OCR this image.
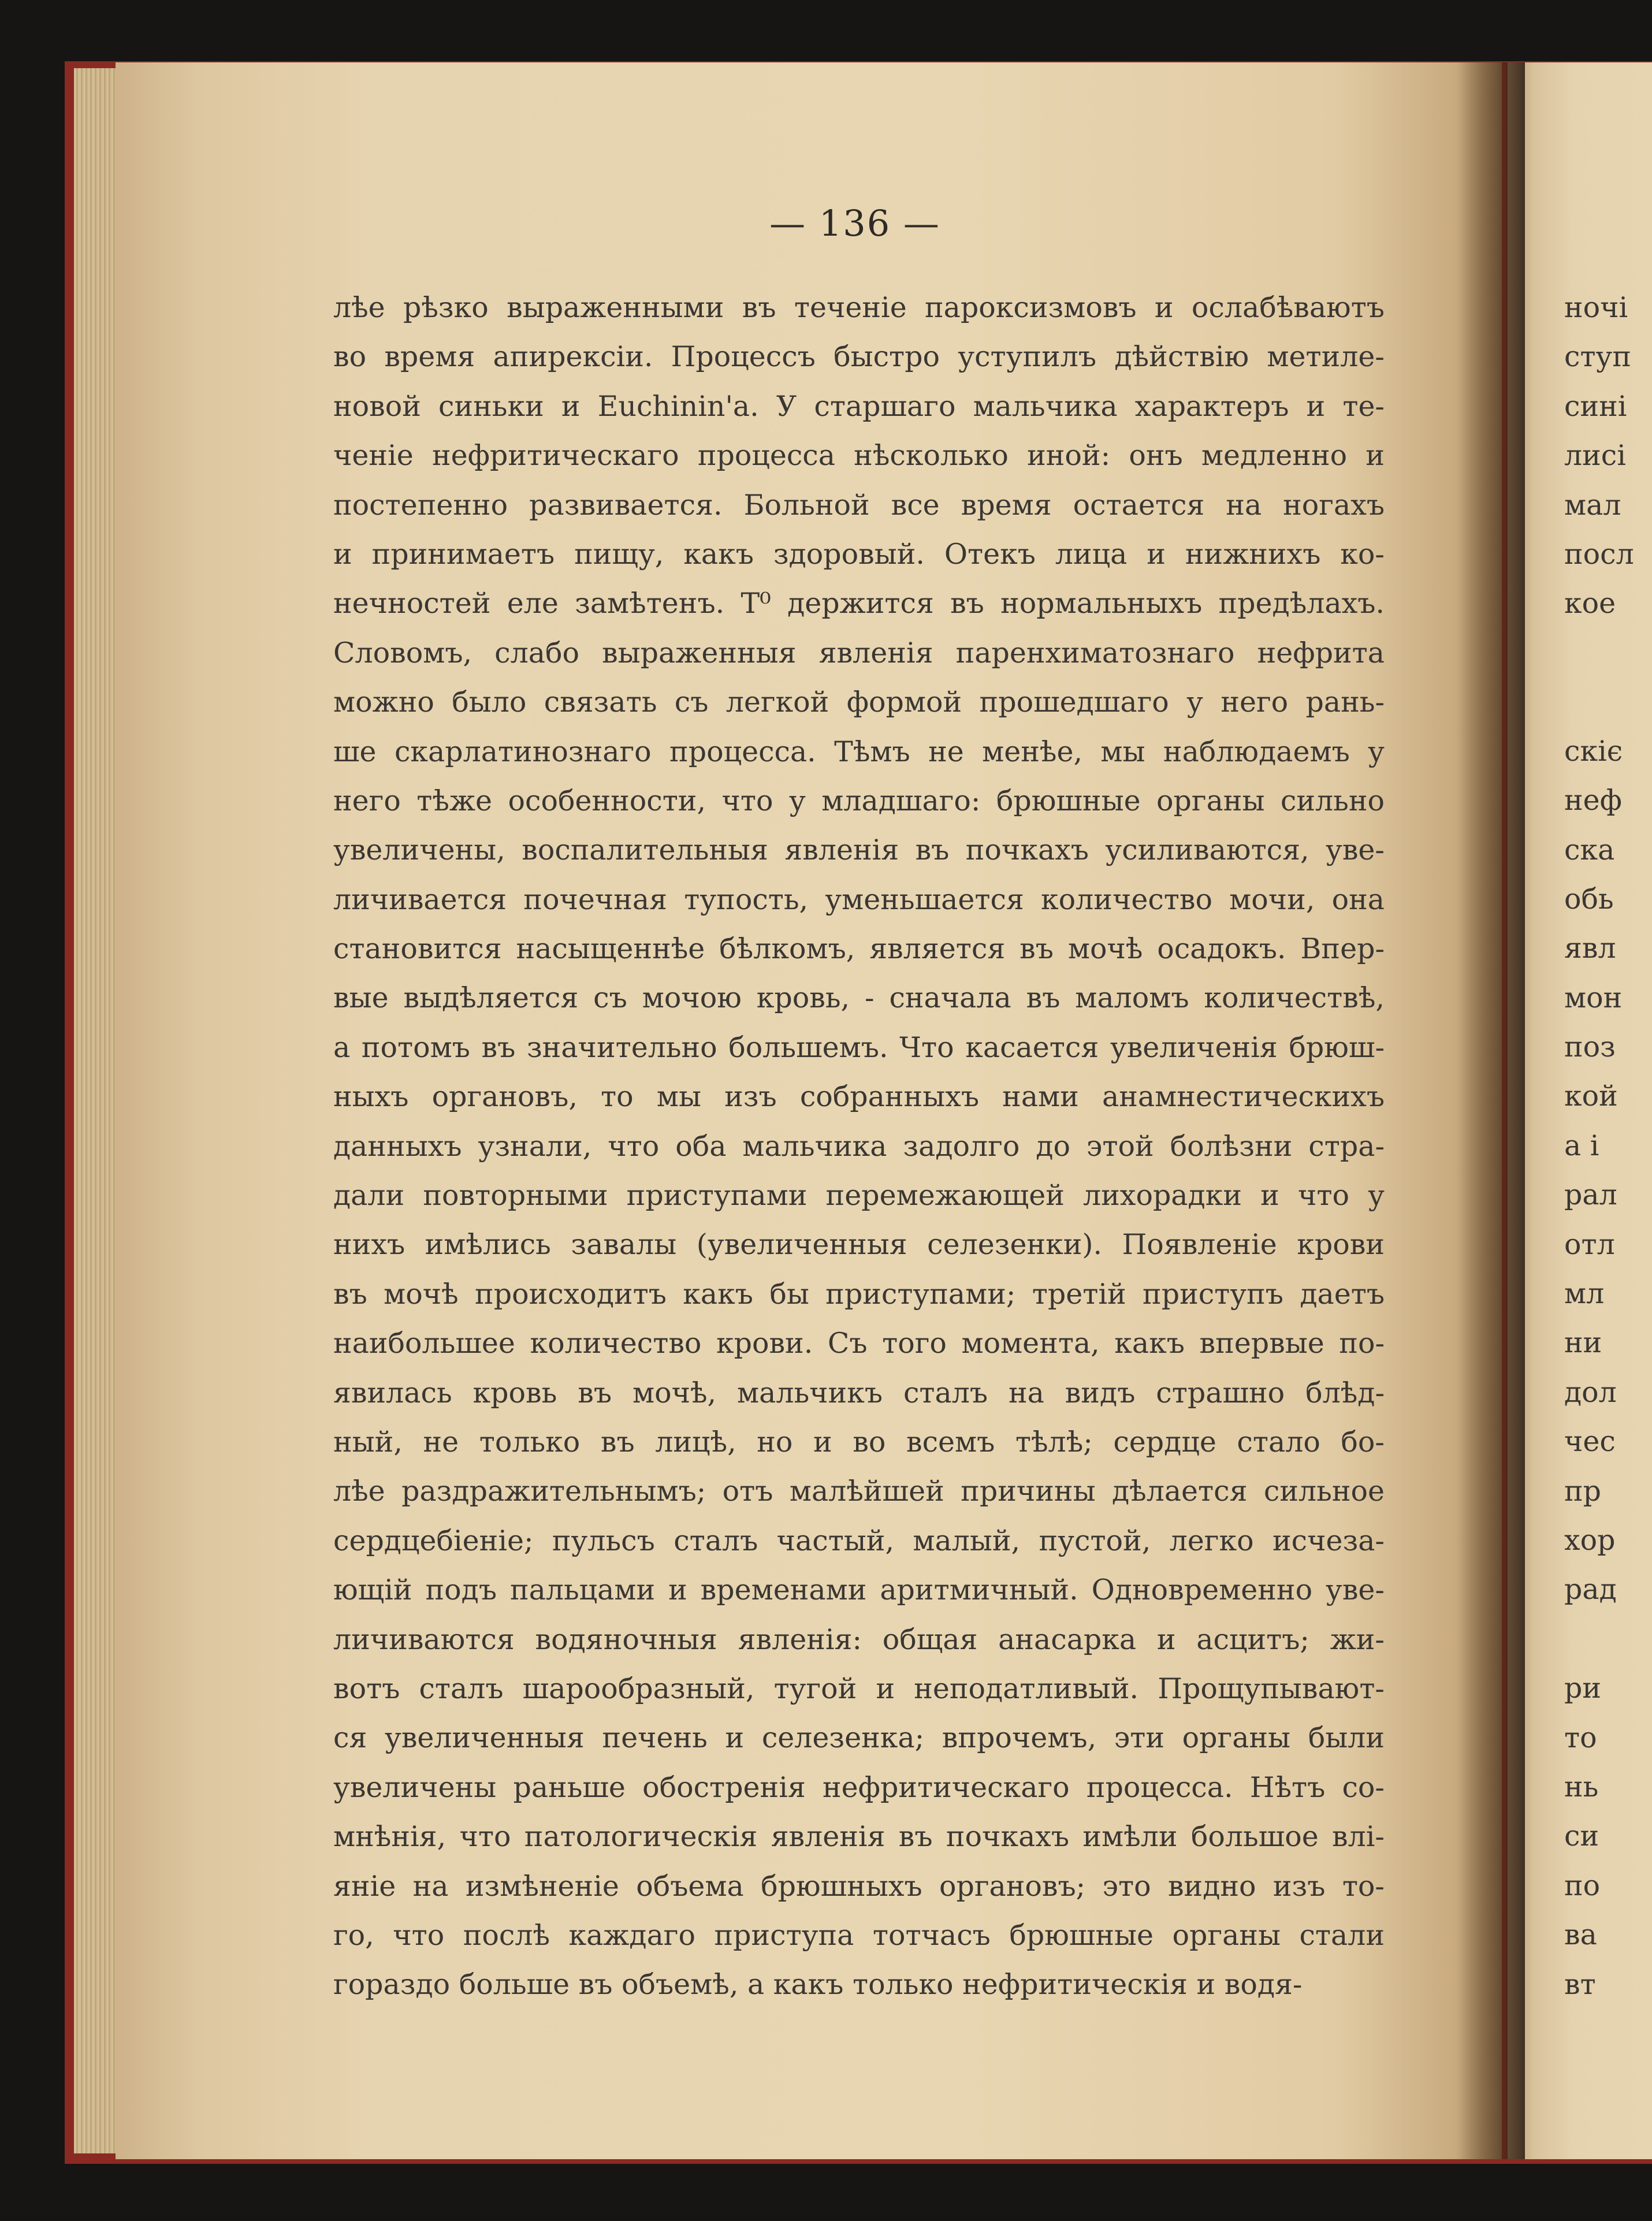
— 136 —
лѣе рѣзко выраженными въ теченіе пароксизмовъ и ослабѣваютъ
во время апирексіи. Процессъ быстро уступилъ дѣйствію метиле-
новой синьки и Euchinin'а. У старшаго мальчика характеръ и те-
ченіе нефритическаго процесса нѣсколько иной: онъ медленно и
постепенно развивается. Больной все время остается на ногахъ
и принимаетъ пищу, какъ здоровый. Отекъ лица и нижнихъ ко-
нечностей еле замѣтенъ. T⁰ держится въ нормальныхъ предѣлахъ.
Словомъ, слабо выраженныя явленія паренхиматознаго нефрита
можно было связать съ легкой формой прошедшаго у него рань-
ше скарлатинознаго процесса. Тѣмъ не менѣе, мы наблюдаемъ у
него тѣже особенности, что у младшаго: брюшные органы сильно
увеличены, воспалительныя явленія въ почкахъ усиливаются, уве-
личивается почечная тупость, уменьшается количество мочи, она
становится насыщеннѣе бѣлкомъ, является въ мочѣ осадокъ. Впер-
вые выдѣляется съ мочою кровь, - сначала въ маломъ количествѣ,
а потомъ въ значительно большемъ. Что касается увеличенія брюш-
ныхъ органовъ, то мы изъ собранныхъ нами анамнестическихъ
данныхъ узнали, что оба мальчика задолго до этой болѣзни стра-
дали повторными приступами перемежающей лихорадки и что у
нихъ имѣлись завалы (увеличенныя селезенки). Появленіе крови
въ мочѣ происходитъ какъ бы приступами; третій приступъ даетъ
наибольшее количество крови. Съ того момента, какъ впервые по-
явилась кровь въ мочѣ, мальчикъ сталъ на видъ страшно блѣд-
ный, не только въ лицѣ, но и во всемъ тѣлѣ; сердце стало бо-
лѣе раздражительнымъ; отъ малѣйшей причины дѣлается сильное
сердцебіеніе; пульсъ сталъ частый, малый, пустой, легко исчеза-
ющій подъ пальцами и временами аритмичный. Одновременно уве-
личиваются водяночныя явленія: общая анасарка и асцитъ; жи-
вотъ сталъ шарообразный, тугой и неподатливый. Прощупывают-
ся увеличенныя печень и селезенка; впрочемъ, эти органы были
увеличены раньше обостренія нефритическаго процесса. Нѣтъ со-
мнѣнія, что патологическія явленія въ почкахъ имѣли большое влі-
яніе на измѣненіе объема брюшныхъ органовъ; это видно изъ то-
го, что послѣ каждаго приступа тотчасъ брюшные органы стали
гораздо больше въ объемѣ, а какъ только нефритическія и водя-
ночі
ступ
сині
лисі
мал
посл
кое
скіє
неф
ска
обь
явл
мон
поз
кой
а і
рал
отл
мл
ни
дол
чес
пр
хор
рад
ри
то
нь
си
по
ва
вт
